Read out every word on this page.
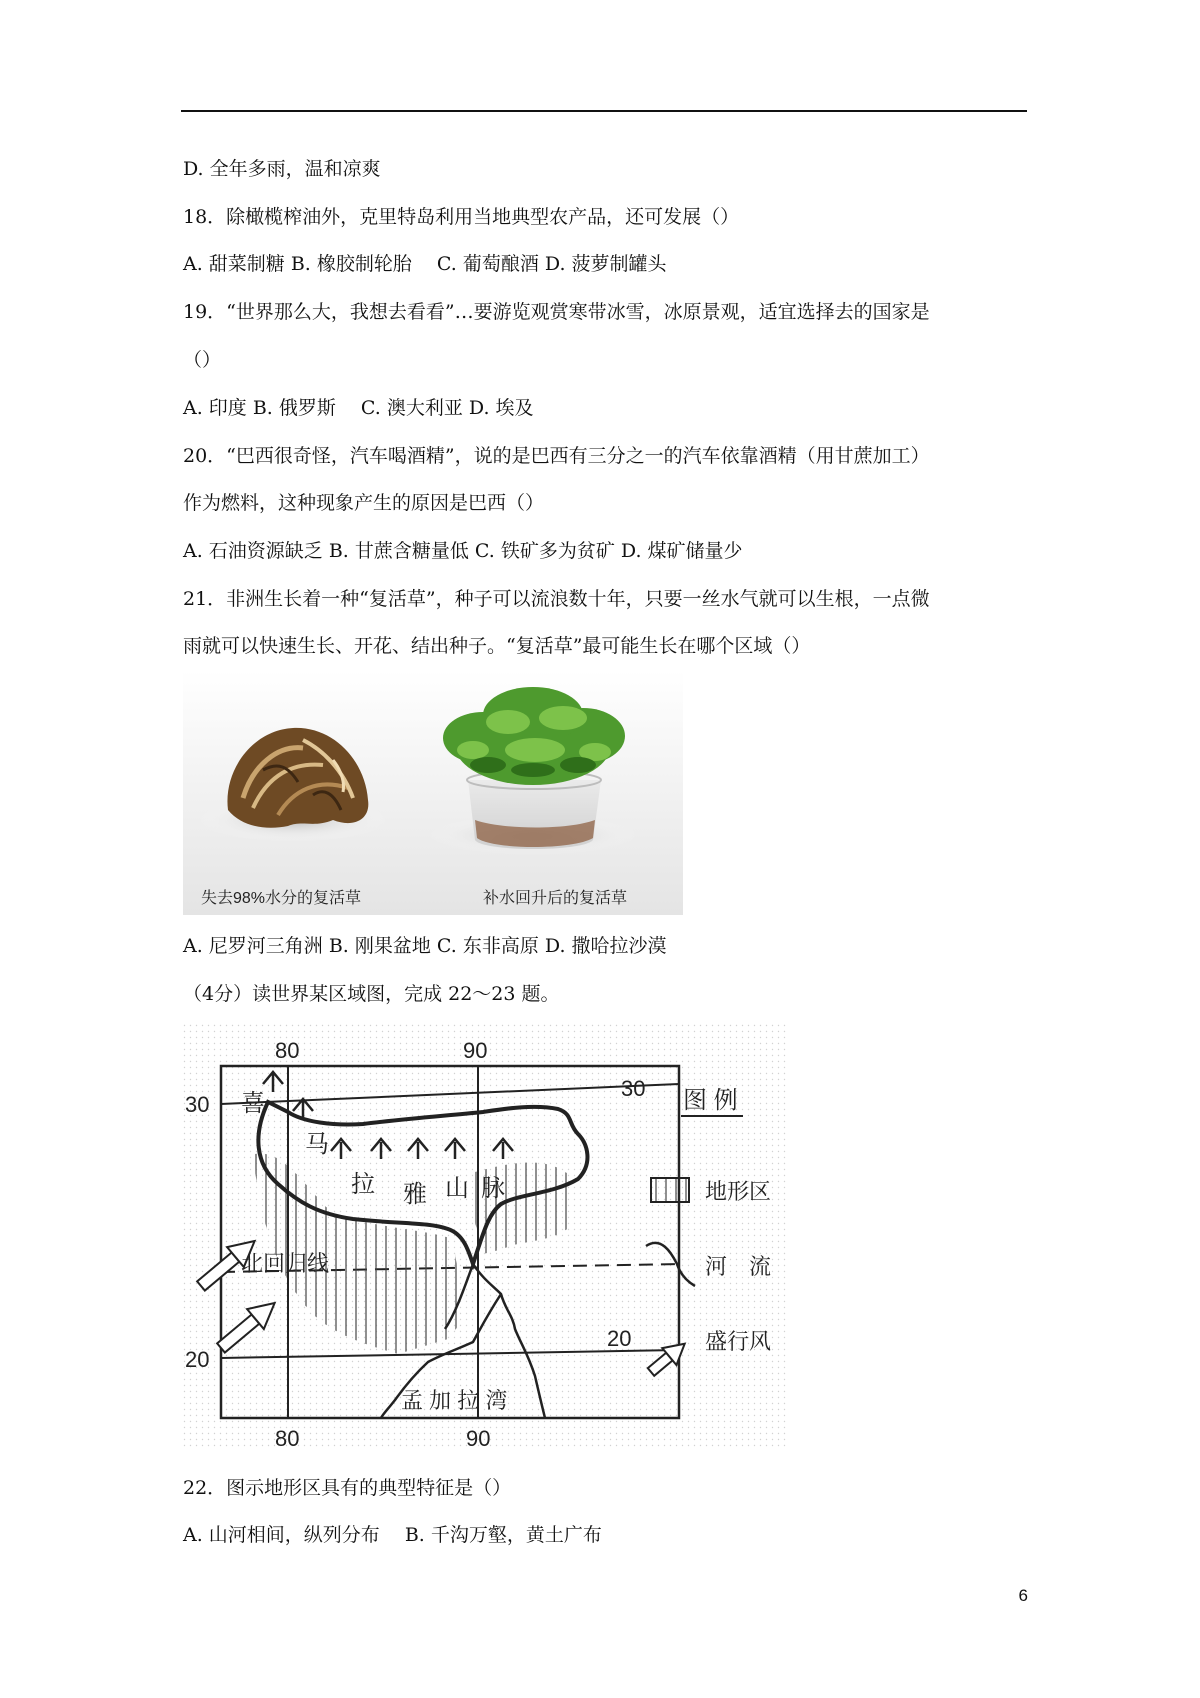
D. 全年多雨，温和凉爽
18．除橄榄榨油外，克里特岛利用当地典型农产品，还可发展（）
A. 甜菜制糖 B. 橡胶制轮胎　 C. 葡萄酿酒 D. 菠萝制罐头
19．“世界那么大，我想去看看”…要游览观赏寒带冰雪，冰原景观，适宜选择去的国家是
（）
A. 印度 B. 俄罗斯　 C. 澳大利亚 D. 埃及
20．“巴西很奇怪，汽车喝酒精”，说的是巴西有三分之一的汽车依靠酒精（用甘蔗加工）
作为燃料，这种现象产生的原因是巴西（）
A. 石油资源缺乏 B. 甘蔗含糖量低 C. 铁矿多为贫矿 D. 煤矿储量少
21．非洲生长着一种“复活草”，种子可以流浪数十年，只要一丝水气就可以生根，一点微
雨就可以快速生长、开花、结出种子。“复活草”最可能生长在哪个区域（）
失去98%水分的复活草	补水回升后的复活草
A. 尼罗河三角洲 B. 刚果盆地 C. 东非高原 D. 撒哈拉沙漠
（4分）读世界某区域图，完成 22～23 题。
80	90
80	90
30
20
30
20
喜
马
拉 雅 山 脉
北回归线
孟 加 拉 湾
图 例
地形区
河　流
盛行风
22．图示地形区具有的典型特征是（）
A. 山河相间，纵列分布　 B. 千沟万壑，黄土广布
6
